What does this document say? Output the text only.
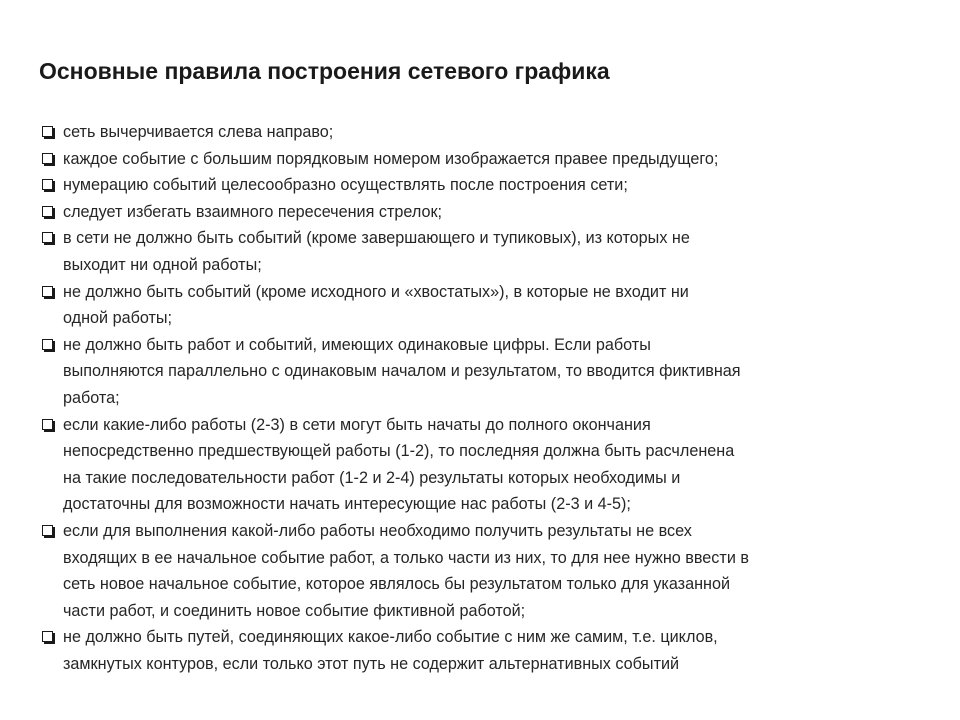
Основные правила построения сетевого графика
сеть вычерчивается слева направо;
каждое событие с большим порядковым номером изображается правее предыдущего;
нумерацию событий целесообразно осуществлять после построения сети;
следует избегать взаимного пересечения стрелок;
в сети не должно быть событий (кроме завершающего и тупиковых), из которых не
выходит ни одной работы;
не должно быть событий (кроме исходного и «хвостатых»), в которые не входит ни
одной работы;
не должно быть работ и событий, имеющих одинаковые цифры. Если работы
выполняются параллельно с одинаковым началом и результатом, то вводится фиктивная
работа;
если какие-либо работы (2-3) в сети могут быть начаты до полного окончания
непосредственно предшествующей работы (1-2), то последняя должна быть расчленена
на такие последовательности работ (1-2 и 2-4) результаты которых необходимы и
достаточны для возможности начать интересующие нас работы (2-3 и 4-5);
если для выполнения какой-либо работы необходимо получить результаты не всех
входящих в ее начальное событие работ, а только части из них, то для нее нужно ввести в
сеть новое начальное событие, которое являлось бы результатом только для указанной
части работ, и соединить новое событие фиктивной работой;
не должно быть путей, соединяющих какое-либо событие с ним же самим, т.е. циклов,
замкнутых контуров, если только этот путь не содержит альтернативных событий
